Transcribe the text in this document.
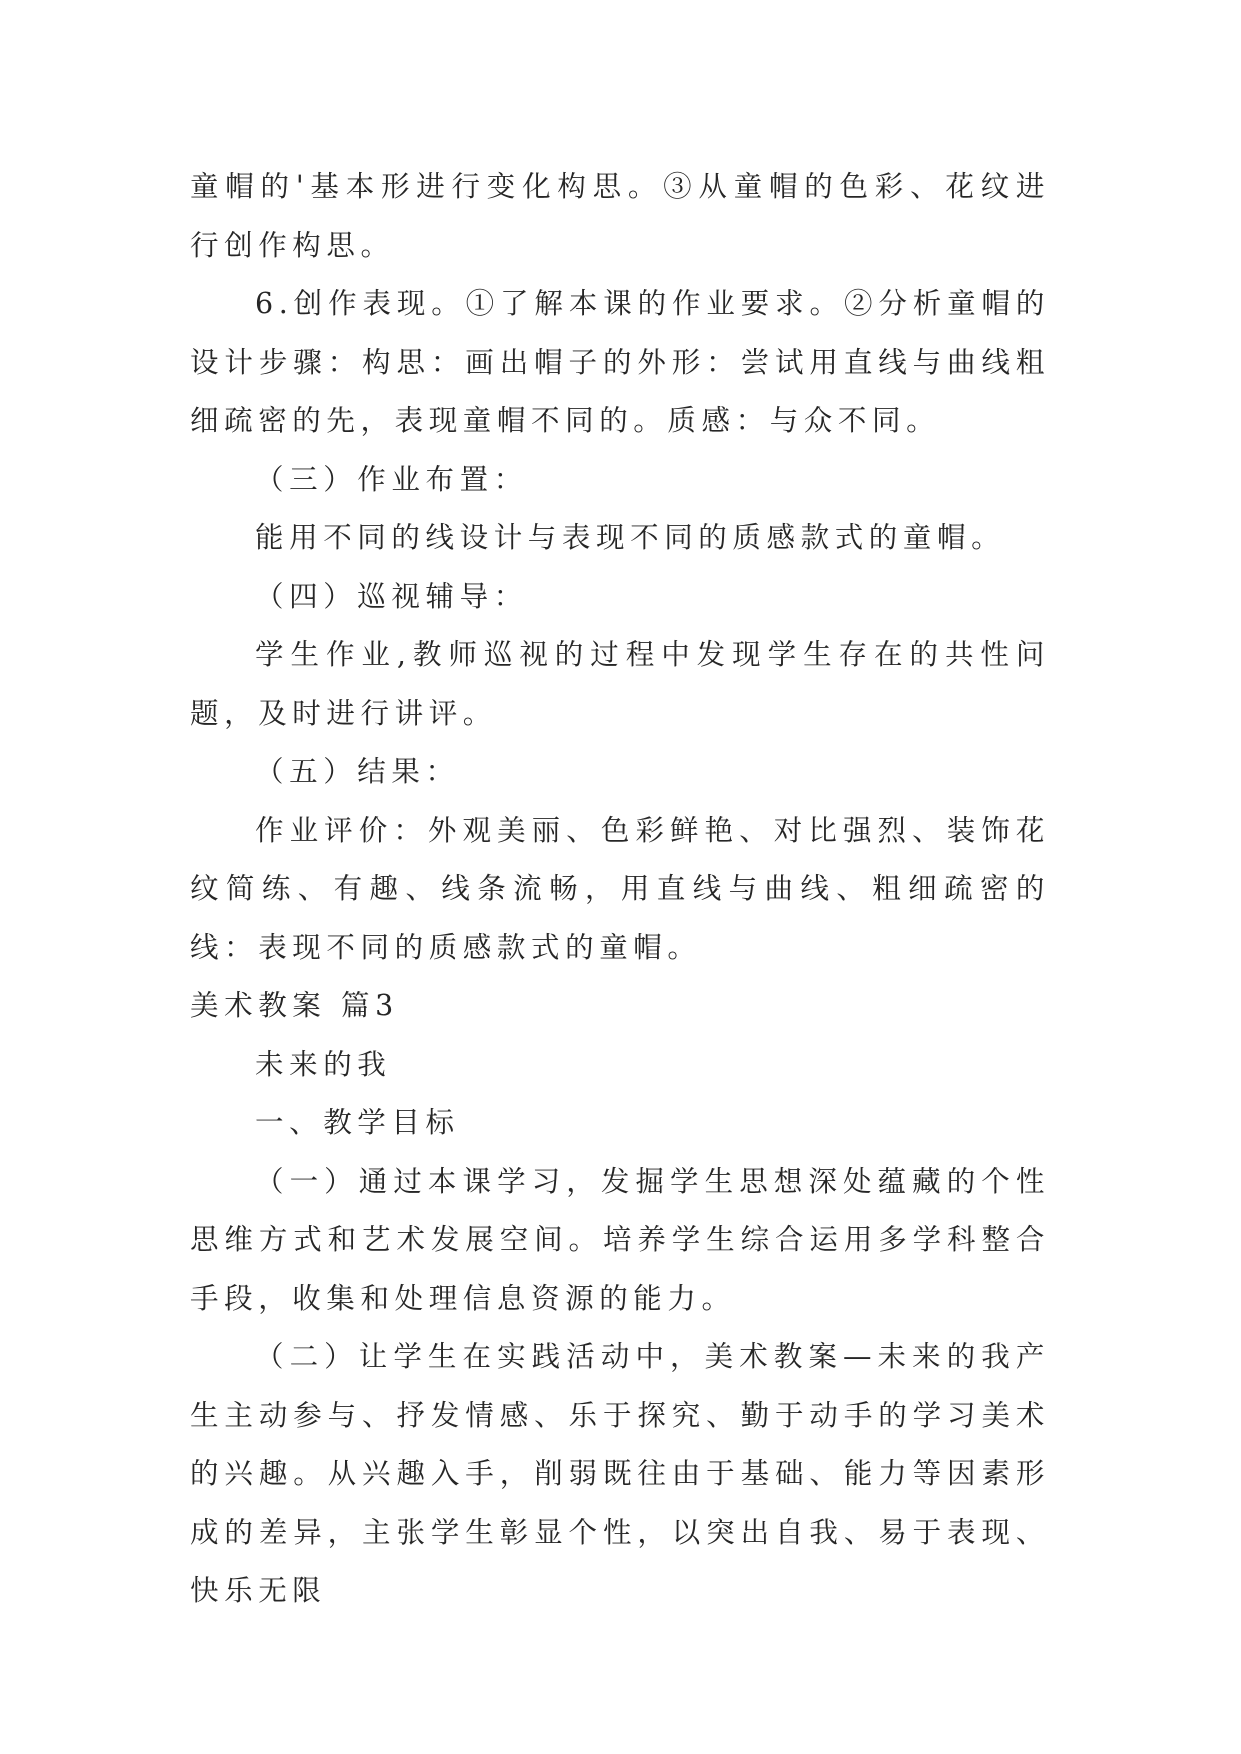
童帽的'基本形进行变化构思。③从童帽的色彩、花纹进行创作构思。

6.创作表现。①了解本课的作业要求。②分析童帽的设计步骤：构思：画出帽子的外形：尝试用直线与曲线粗细疏密的先，表现童帽不同的。质感：与众不同。

（三）作业布置：

能用不同的线设计与表现不同的质感款式的童帽。

（四）巡视辅导：

学生作业,教师巡视的过程中发现学生存在的共性问题，及时进行讲评。

（五）结果：

作业评价：外观美丽、色彩鲜艳、对比强烈、装饰花纹简练、有趣、线条流畅，用直线与曲线、粗细疏密的线：表现不同的质感款式的童帽。

美术教案 篇3

未来的我

一、教学目标

（一）通过本课学习，发掘学生思想深处蕴藏的个性思维方式和艺术发展空间。培养学生综合运用多学科整合手段，收集和处理信息资源的能力。

（二）让学生在实践活动中，美术教案—未来的我产生主动参与、抒发情感、乐于探究、勤于动手的学习美术的兴趣。从兴趣入手，削弱既往由于基础、能力等因素形成的差异，主张学生彰显个性，以突出自我、易于表现、快乐无限
